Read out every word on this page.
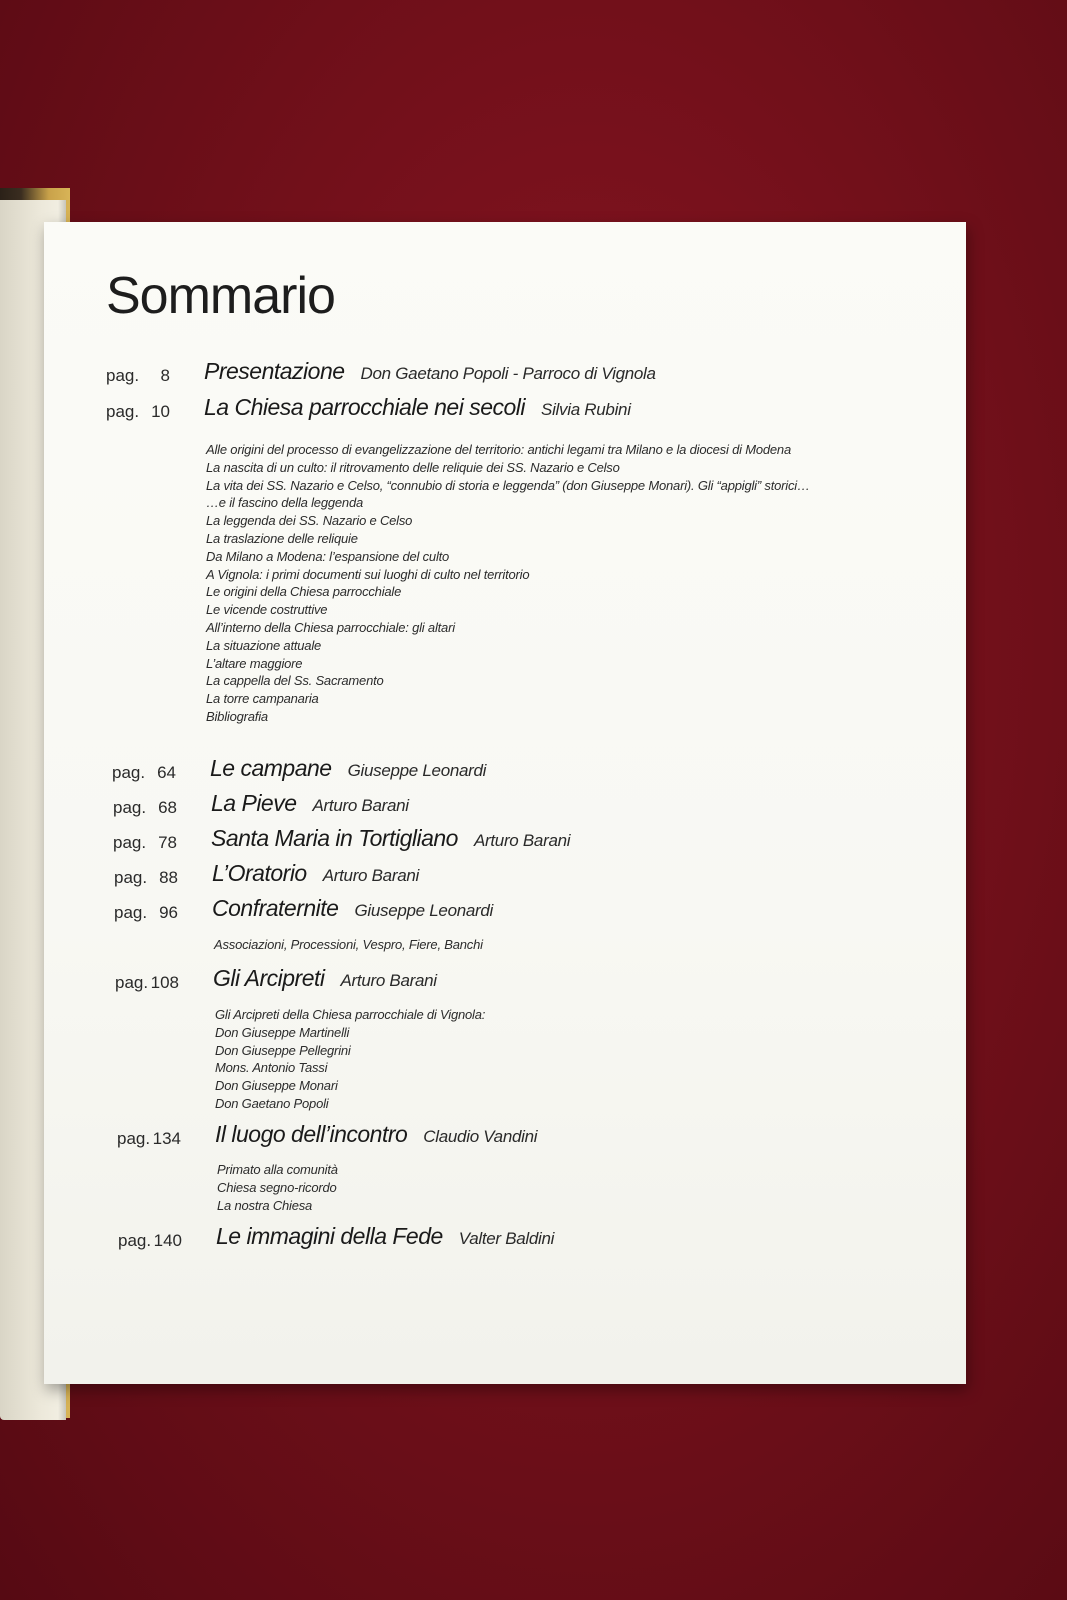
Sommario
pag. 8 Presentazione Don Gaetano Popoli - Parroco di Vignola
pag. 10 La Chiesa parrocchiale nei secoli Silvia Rubini
Alle origini del processo di evangelizzazione del territorio: antichi legami tra Milano e la diocesi di Modena
La nascita di un culto: il ritrovamento delle reliquie dei SS. Nazario e Celso
La vita dei SS. Nazario e Celso, “connubio di storia e leggenda” (don Giuseppe Monari). Gli “appigli” storici…
…e il fascino della leggenda
La leggenda dei SS. Nazario e Celso
La traslazione delle reliquie
Da Milano a Modena: l’espansione del culto
A Vignola: i primi documenti sui luoghi di culto nel territorio
Le origini della Chiesa parrocchiale
Le vicende costruttive
All’interno della Chiesa parrocchiale: gli altari
La situazione attuale
L’altare maggiore
La cappella del Ss. Sacramento
La torre campanaria
Bibliografia
pag. 64 Le campane Giuseppe Leonardi
pag. 68 La Pieve Arturo Barani
pag. 78 Santa Maria in Tortigliano Arturo Barani
pag. 88 L’Oratorio Arturo Barani
pag. 96 Confraternite Giuseppe Leonardi
Associazioni, Processioni, Vespro, Fiere, Banchi
pag. 108 Gli Arcipreti Arturo Barani
Gli Arcipreti della Chiesa parrocchiale di Vignola:
Don Giuseppe Martinelli
Don Giuseppe Pellegrini
Mons. Antonio Tassi
Don Giuseppe Monari
Don Gaetano Popoli
pag. 134 Il luogo dell’incontro Claudio Vandini
Primato alla comunità
Chiesa segno-ricordo
La nostra Chiesa
pag. 140 Le immagini della Fede Valter Baldini
